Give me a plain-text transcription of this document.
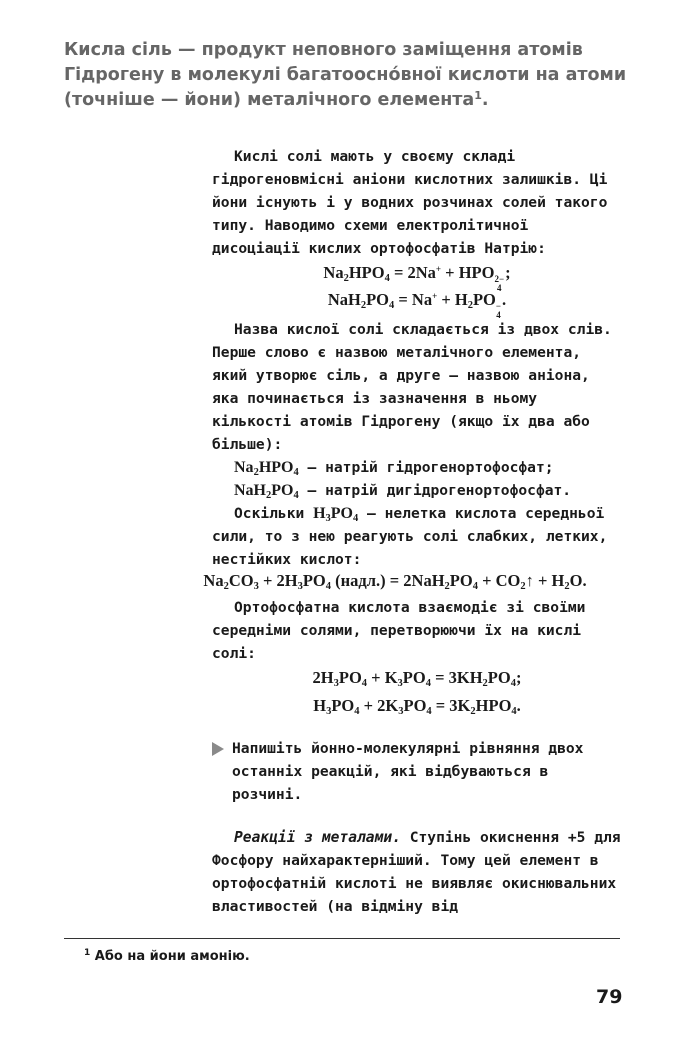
Кисла сіль — продукт неповного заміщення атомів Гідрогену в молекулі багатоосно́вної кислоти на атоми (точніше — йони) металічного елемента$^1$.

Кислі солі мають у своєму складі гідрогеновмісні аніони кислотних залишків. Ці йони існують і у водних розчинах солей такого типу. Наводимо схеми електролітичної дисоціації кислих ортофосфатів Натрію:

$Na_2HPO_4 = 2Na^+$ + HPO 2−
4
;
$NaH_2PO_4 = Na^+ + H_2PO$ −
4
.

Назва кислої солі складається із двох слів. Перше слово є назвою металічного елемента, який утворює сіль, а друге — назвою аніона, яка починається із зазначення в ньому кількості атомів Гідрогену (якщо їх два або більше):

$Na_2HPO_4$ — натрій гідрогенортофосфат;

$NaH_2PO_4$ — натрій дигідрогенортофосфат.

Оскільки $H_3PO_4$ — нелетка кислота середньої сили, то з нею реагують солі слабких, летких, нестійких кислот:

$Na_2CO_3 + 2H_3PO_4$ (надл.) = $2NaH_2PO_4$ + $CO_2↑ + H_2O$.

Ортофосфатна кислота взаємодіє зі своїми середніми солями, перетворюючи їх на кислі солі:

$2H_3PO_4 + K_3PO_4 = 3KH_2PO_4$;
$H_3PO_4 + 2K_3PO_4 = 3K_2HPO_4$.

Напишіть йонно-молекулярні рівняння двох останніх реакцій, які відбуваються в розчині.

Реакції з металами. Ступінь окиснення +5 для Фосфору найхарактерніший. Тому цей елемент в ортофосфатній кислоті не виявляє окиснювальних властивостей (на відміну від

$^1$ Або на йони амонію.
79
